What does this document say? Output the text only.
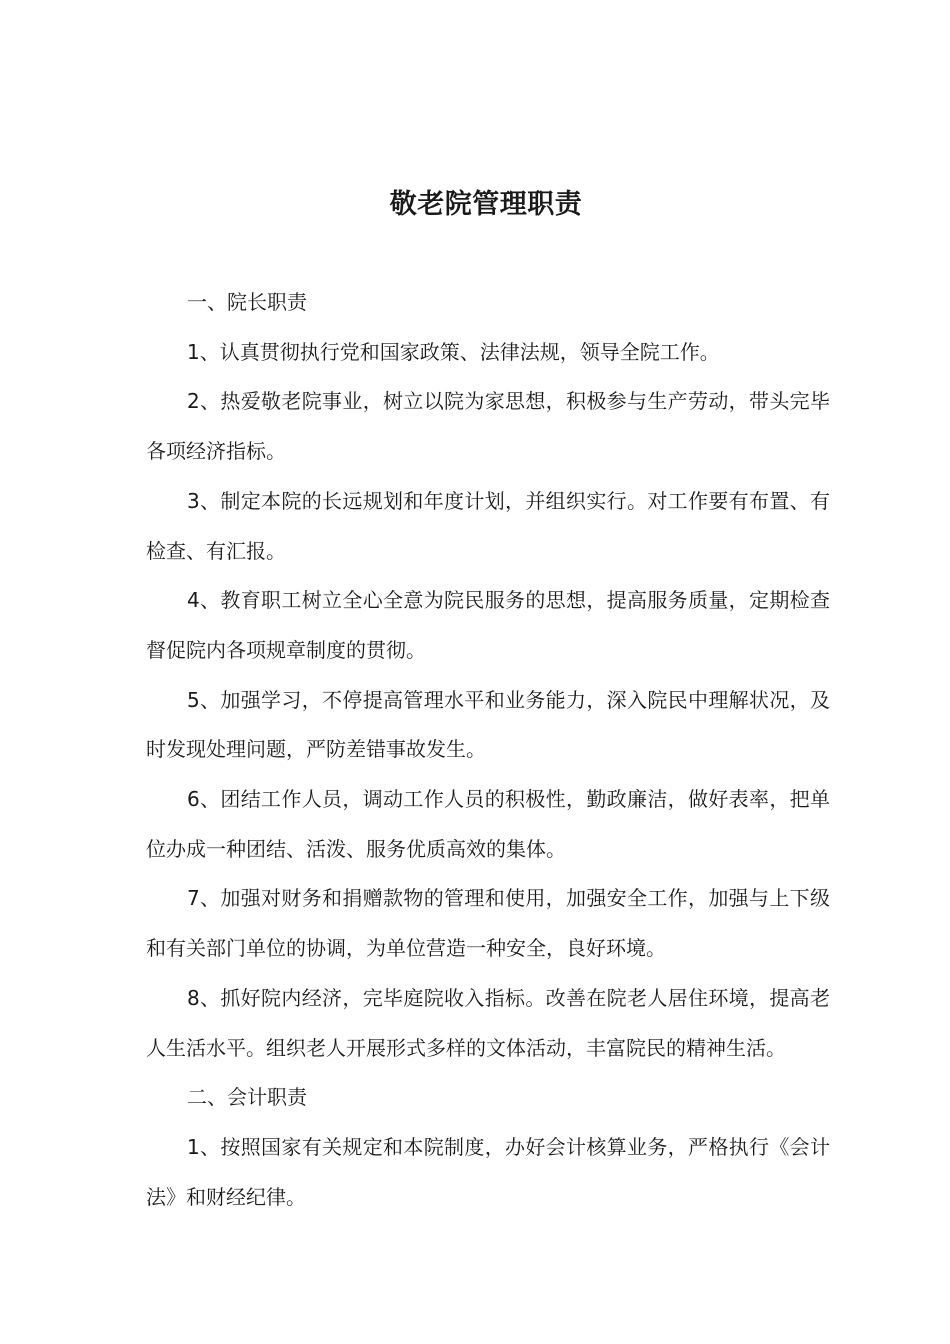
敬老院管理职责

一、院长职责

1、认真贯彻执行党和国家政策、法律法规，领导全院工作。

2、热爱敬老院事业，树立以院为家思想，积极参与生产劳动，带头完毕各项经济指标。

3、制定本院的长远规划和年度计划，并组织实行。对工作要有布置、有检查、有汇报。

4、教育职工树立全心全意为院民服务的思想，提高服务质量，定期检查督促院内各项规章制度的贯彻。

5、加强学习，不停提高管理水平和业务能力，深入院民中理解状况，及时发现处理问题，严防差错事故发生。

6、团结工作人员，调动工作人员的积极性，勤政廉洁，做好表率，把单位办成一种团结、活泼、服务优质高效的集体。

7、加强对财务和捐赠款物的管理和使用，加强安全工作，加强与上下级和有关部门单位的协调，为单位营造一种安全，良好环境。

8、抓好院内经济，完毕庭院收入指标。改善在院老人居住环境，提高老人生活水平。组织老人开展形式多样的文体活动，丰富院民的精神生活。

二、会计职责

1、按照国家有关规定和本院制度，办好会计核算业务，严格执行《会计法》和财经纪律。
